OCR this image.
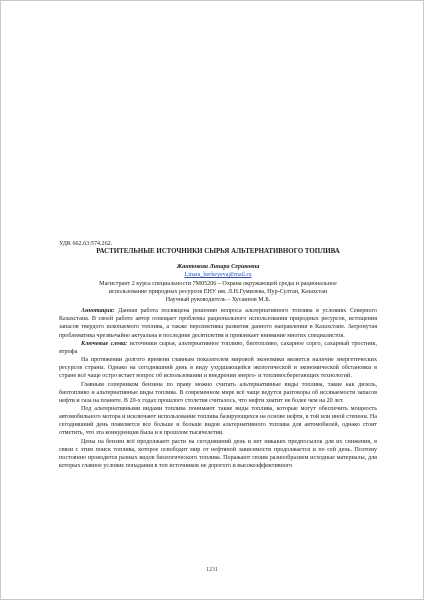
УДК 662.63:574.262.

РАСТИТЕЛЬНЫЕ ИСТОЧНИКИ СЫРЬЯ АЛЬТЕРНАТИВНОГО ТОПЛИВА

Жантокова Линара Сериковна

Linara_berkeyeva@mail.ru

Магистрант 2 курса специальности 7М05206 – Охрана окружающей среды и рациональное

использование природных ресурсов ЕНУ им. Л.Н.Гумилева, Нур-Султан, Казахстан

Научный руководитель – Хусаинов М.Б.

Аннотация: Данная работа посвящена решению вопроса альтернативного топлива в условиях Северного Казахстана. В своей работе автор освещает проблемы рационального использования природных ресурсов, истощения запасов твердого ископаемого топлива, а также перспективы развития данного направления в Казахстане. Затронутая проблематика чрезвычайно актуальна в последние десятилетия и привлекает внимание многих специалистов.

Ключевые слова: источники сырья, альтернативное топливо, биотопливо, сахарное сорго, сахарный тростник, ятрофа

На протяжении долгого времени главным показателем мировой экономики является наличие энергетических ресурсов страны. Однако на сегодняшний день в виду ухудшающейся экологической и экономической обстановки в стране всё чаще остро встает вопрос об использовании и внедрении энерго- и топливосберегающих технологий.

Главным соперником бензина по праву можно считать альтернативные виды топлива, такие как дизель, биотопливо и альтернативные виды топлива. В современном мире всё чаще ведутся разговоры об иссякаемости запасов нефти и газа на планете. В 20-х годах прошлого столетия считалось, что нефти хватит не более чем на 20 лет.

Под альтернативными видами топлива понимают такие виды топлива, которые могут обеспечить мощность автомобильного мотора и исключают использование топлива базирующихся на основе нефти, в той или иной степени. На сегодняшний день появляется все больше и больше видов альтернативного топлива для автомобилей, однако стоит отметить, что эта конкуренция была и в прошлом тысячелетии.

Цены на бензин всё продолжают расти на сегодняшний день и нет никаких предпосылок для их снижения, в связи с этим поиск топлива, которое освободит мир от нефтяной зависимости продолжается и по сей день. Поэтому постоянно проводятся разных видов биологического топлива. Поражают своим разнообразием исходные материалы, для которых главное условие попадания в топ источников не дорогого и высокоэффективного

1231
